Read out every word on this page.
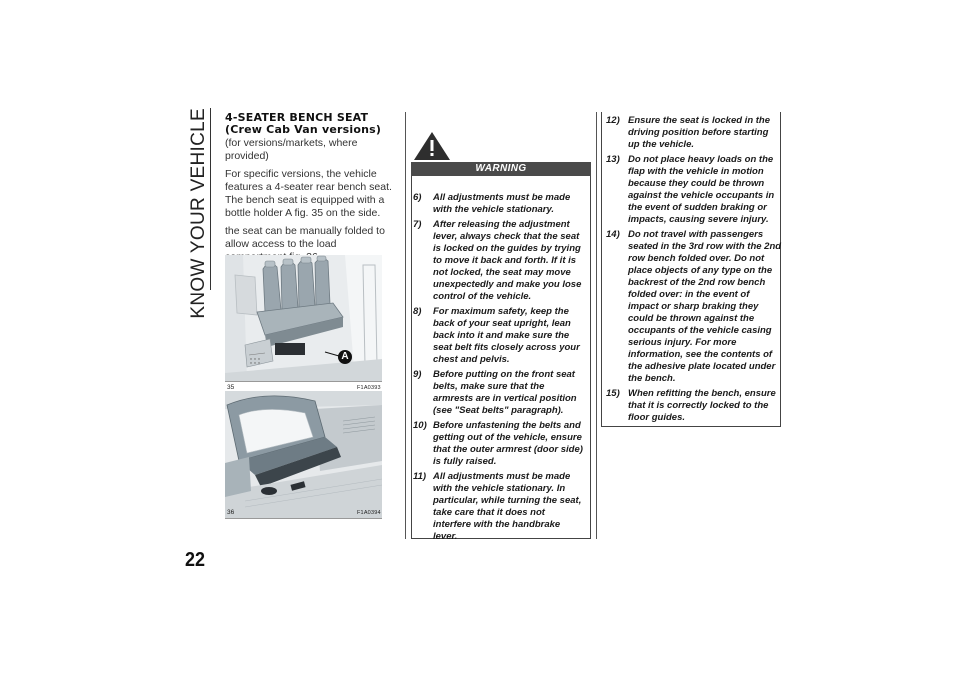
KNOW YOUR VEHICLE
22
4-SEATER BENCH SEAT
(Crew Cab Van versions)

(for versions/markets, where provided)

For specific versions, the vehicle features a 4-seater rear bench seat. The bench seat is equipped with a bottle holder A fig. 35 on the side.

the seat can be manually folded to allow access to the load

A
35	F1A0393
36	F1A0394
WARNING
6) All adjustments must be made with the vehicle stationary.
7) After releasing the adjustment lever, always check that the seat is locked on the guides by trying to move it back and forth. If it is not locked, the seat may move unexpectedly and make you lose control of the vehicle.
8) For maximum safety, keep the back of your seat upright, lean back into it and make sure the seat belt fits closely across your chest and pelvis.
9) Before putting on the front seat belts, make sure that the armrests are in vertical position (see "Seat belts" paragraph).
10) Before unfastening the belts and getting out of the vehicle, ensure that the outer armrest (door side) is fully raised.
11) All adjustments must be made with the vehicle stationary. In particular, while turning the seat, take care that it does not interfere with the handbrake lever.
12) Ensure the seat is locked in the driving position before starting up the vehicle.
13) Do not place heavy loads on the flap with the vehicle in motion because they could be thrown against the vehicle occupants in the event of sudden braking or impacts, causing severe injury.
14) Do not travel with passengers seated in the 3rd row with the 2nd row bench folded over. Do not place objects of any type on the backrest of the 2nd row bench folded over: in the event of impact or sharp braking they could be thrown against the occupants of the vehicle casing serious injury. For more information, see the contents of the adhesive plate located under the bench.
15) When refitting the bench, ensure that it is correctly locked to the floor guides.
